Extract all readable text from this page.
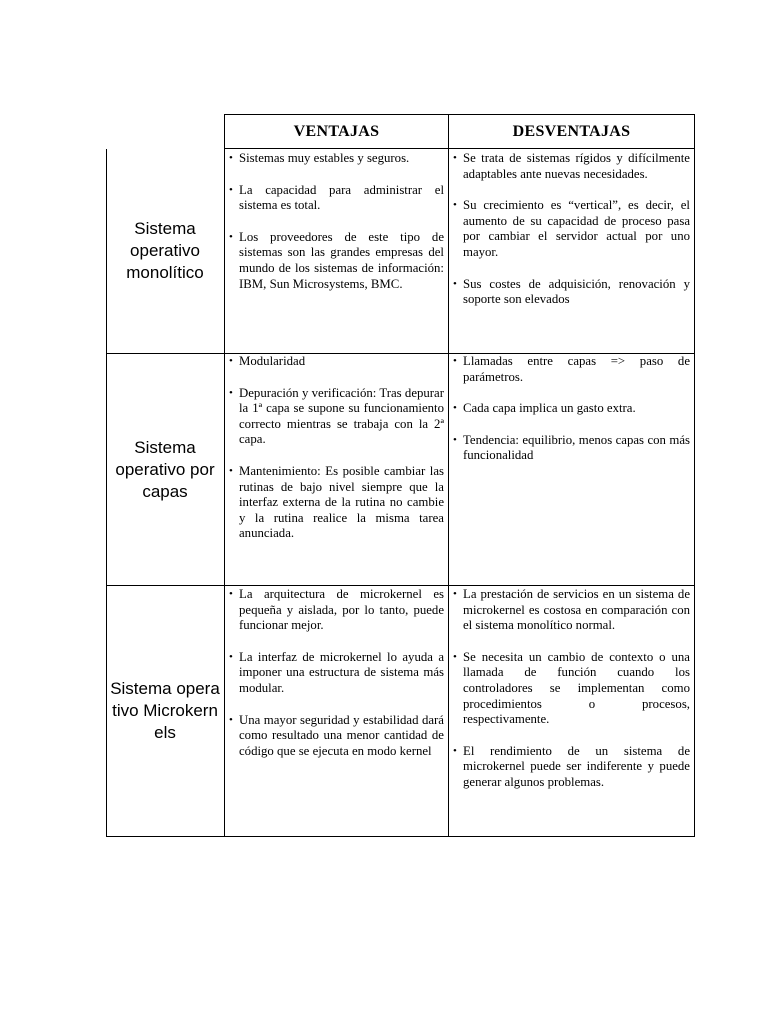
VENTAJAS	DESVENTAJAS
Sistema operativo monolítico
• Sistemas muy estables y seguros.
• La capacidad para administrar el sistema es total.
• Los proveedores de este tipo de sistemas son las grandes empresas del mundo de los sistemas de información: IBM, Sun Microsystems, BMC.
• Se trata de sistemas rígidos y difícilmente adaptables ante nuevas necesidades.
• Su crecimiento es “vertical”, es decir, el aumento de su capacidad de proceso pasa por cambiar el servidor actual por uno mayor.
• Sus costes de adquisición, renovación y soporte son elevados
Sistema operativo por capas
• Modularidad
• Depuración y verificación: Tras depurar la 1ª capa se supone su funcionamiento correcto mientras se trabaja con la 2ª capa.
• Mantenimiento: Es posible cambiar las rutinas de bajo nivel siempre que la interfaz externa de la rutina no cambie y la rutina realice la misma tarea anunciada.
• Llamadas entre capas => paso de parámetros.
• Cada capa implica un gasto extra.
• Tendencia: equilibrio, menos capas con más funcionalidad
Sistema operativo Microkernels
• La arquitectura de microkernel es pequeña y aislada, por lo tanto, puede funcionar mejor.
• La interfaz de microkernel lo ayuda a imponer una estructura de sistema más modular.
• Una mayor seguridad y estabilidad dará como resultado una menor cantidad de código que se ejecuta en modo kernel
• La prestación de servicios en un sistema de microkernel es costosa en comparación con el sistema monolítico normal.
• Se necesita un cambio de contexto o una llamada de función cuando los controladores se implementan como procedimientos o procesos, respectivamente.
• El rendimiento de un sistema de microkernel puede ser indiferente y puede generar algunos problemas.
